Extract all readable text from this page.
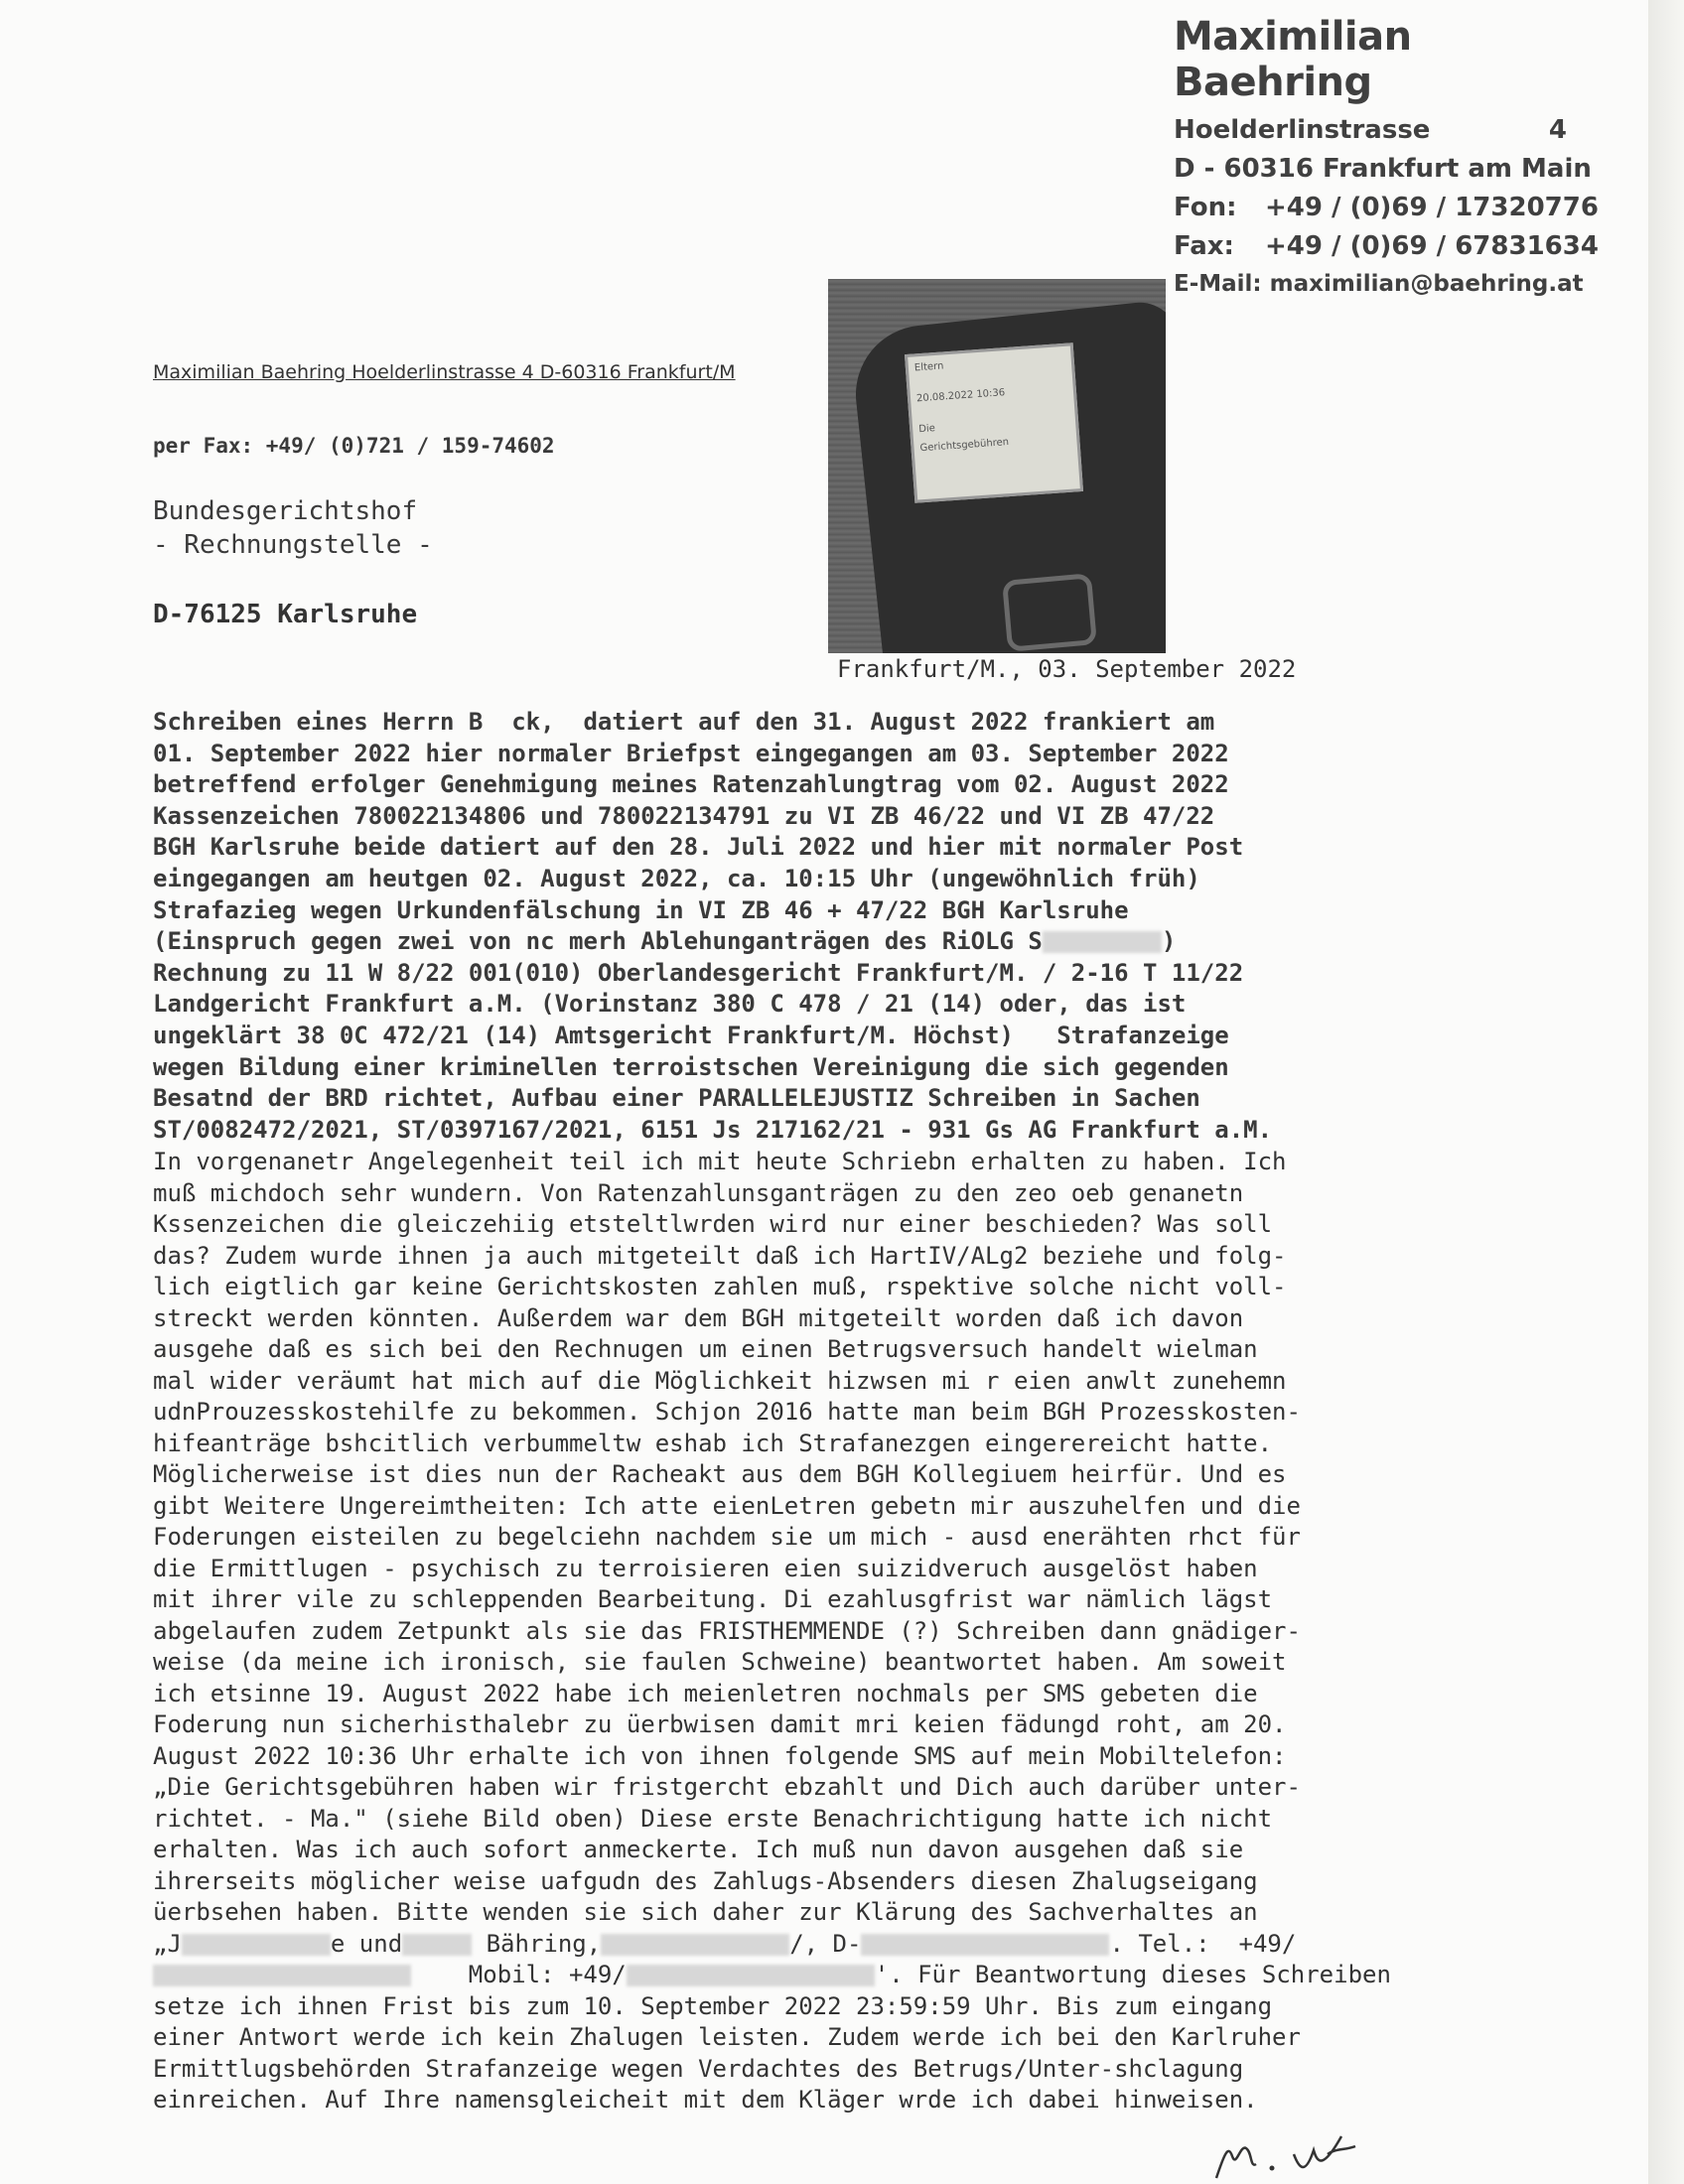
Maximilian Baehring
Hoelderlinstrasse	4
D - 60316 Frankfurt am Main
Fon: +49 / (0)69 / 17320776
Fax: +49 / (0)69 / 67831634
E-Mail: maximilian@baehring.at
Eltern
20.08.2022 10:36
Die
Gerichtsgebühren
Maximilian Baehring Hoelderlinstrasse 4 D-60316 Frankfurt/M
per Fax: +49/ (0)721 / 159-74602
Bundesgerichtshof
- Rechnungstelle -
D-76125 Karlsruhe
Frankfurt/M., 03. September 2022
Schreiben eines Herrn B  ck,  datiert auf den 31. August 2022 frankiert am
01. September 2022 hier normaler Briefpst eingegangen am 03. September 2022
betreffend erfolger Genehmigung meines Ratenzahlungtrag vom 02. August 2022
Kassenzeichen 780022134806 und 780022134791 zu VI ZB 46/22 und VI ZB 47/22
BGH Karlsruhe beide datiert auf den 28. Juli 2022 und hier mit normaler Post
eingegangen am heutgen 02. August 2022, ca. 10:15 Uhr (ungewöhnlich früh)
Strafazieg wegen Urkundenfälschung in VI ZB 46 + 47/22 BGH Karlsruhe
(Einspruch gegen zwei von nc merh Ablehunganträgen des RiOLG S	)
Rechnung zu 11 W 8/22 001(010) Oberlandesgericht Frankfurt/M. / 2-16 T 11/22
Landgericht Frankfurt a.M. (Vorinstanz 380 C 478 / 21 (14) oder, das ist
ungeklärt 38 0C 472/21 (14) Amtsgericht Frankfurt/M. Höchst)   Strafanzeige
wegen Bildung einer kriminellen terroistschen Vereinigung die sich gegenden
Besatnd der BRD richtet, Aufbau einer PARALLELEJUSTIZ Schreiben in Sachen
ST/0082472/2021, ST/0397167/2021, 6151 Js 217162/21 - 931 Gs AG Frankfurt a.M.
In vorgenanetr Angelegenheit teil ich mit heute Schriebn erhalten zu haben. Ich
muß michdoch sehr wundern. Von Ratenzahlunsganträgen zu den zeo oeb genanetn
Kssenzeichen die gleiczehiig etsteltlwrden wird nur einer beschieden? Was soll
das? Zudem wurde ihnen ja auch mitgeteilt daß ich HartIV/ALg2 beziehe und folg-
lich eigtlich gar keine Gerichtskosten zahlen muß, rspektive solche nicht voll-
streckt werden könnten. Außerdem war dem BGH mitgeteilt worden daß ich davon
ausgehe daß es sich bei den Rechnugen um einen Betrugsversuch handelt wielman
mal wider veräumt hat mich auf die Möglichkeit hizwsen mi r eien anwlt zunehemn
udnProuzesskostehilfe zu bekommen. Schjon 2016 hatte man beim BGH Prozesskosten-
hifeanträge bshcitlich verbummeltw eshab ich Strafanezgen eingerereicht hatte.
Möglicherweise ist dies nun der Racheakt aus dem BGH Kollegiuem heirfür. Und es
gibt Weitere Ungereimtheiten: Ich atte eienLetren gebetn mir auszuhelfen und die
Foderungen eisteilen zu begelciehn nachdem sie um mich - ausd enerähten rhct für
die Ermittlugen - psychisch zu terroisieren eien suizidveruch ausgelöst haben
mit ihrer vile zu schleppenden Bearbeitung. Di ezahlusgfrist war nämlich lägst
abgelaufen zudem Zetpunkt als sie das FRISTHEMMENDE (?) Schreiben dann gnädiger-
weise (da meine ich ironisch, sie faulen Schweine) beantwortet haben. Am soweit
ich etsinne 19. August 2022 habe ich meienletren nochmals per SMS gebeten die
Foderung nun sicherhisthalebr zu üerbwisen damit mri keien fädungd roht, am 20.
August 2022 10:36 Uhr erhalte ich von ihnen folgende SMS auf mein Mobiltelefon:
„Die Gerichtsgebühren haben wir fristgercht ebzahlt und Dich auch darüber unter-
richtet. - Ma." (siehe Bild oben) Diese erste Benachrichtigung hatte ich nicht
erhalten. Was ich auch sofort anmeckerte. Ich muß nun davon ausgehen daß sie
ihrerseits möglicher weise uafgudn des Zahlugs-Absenders diesen Zhalugseigang
üerbsehen haben. Bitte wenden sie sich daher zur Klärung des Sachverhaltes an
„J	e und	Bähring,	/, D-	. Tel.:  +49/
Mobil: +49/	'. Für Beantwortung dieses Schreiben
setze ich ihnen Frist bis zum 10. September 2022 23:59:59 Uhr. Bis zum eingang
einer Antwort werde ich kein Zhalugen leisten. Zudem werde ich bei den Karlruher
Ermittlugsbehörden Strafanzeige wegen Verdachtes des Betrugs/Unter-shclagung
einreichen. Auf Ihre namensgleicheit mit dem Kläger wrde ich dabei hinweisen.
